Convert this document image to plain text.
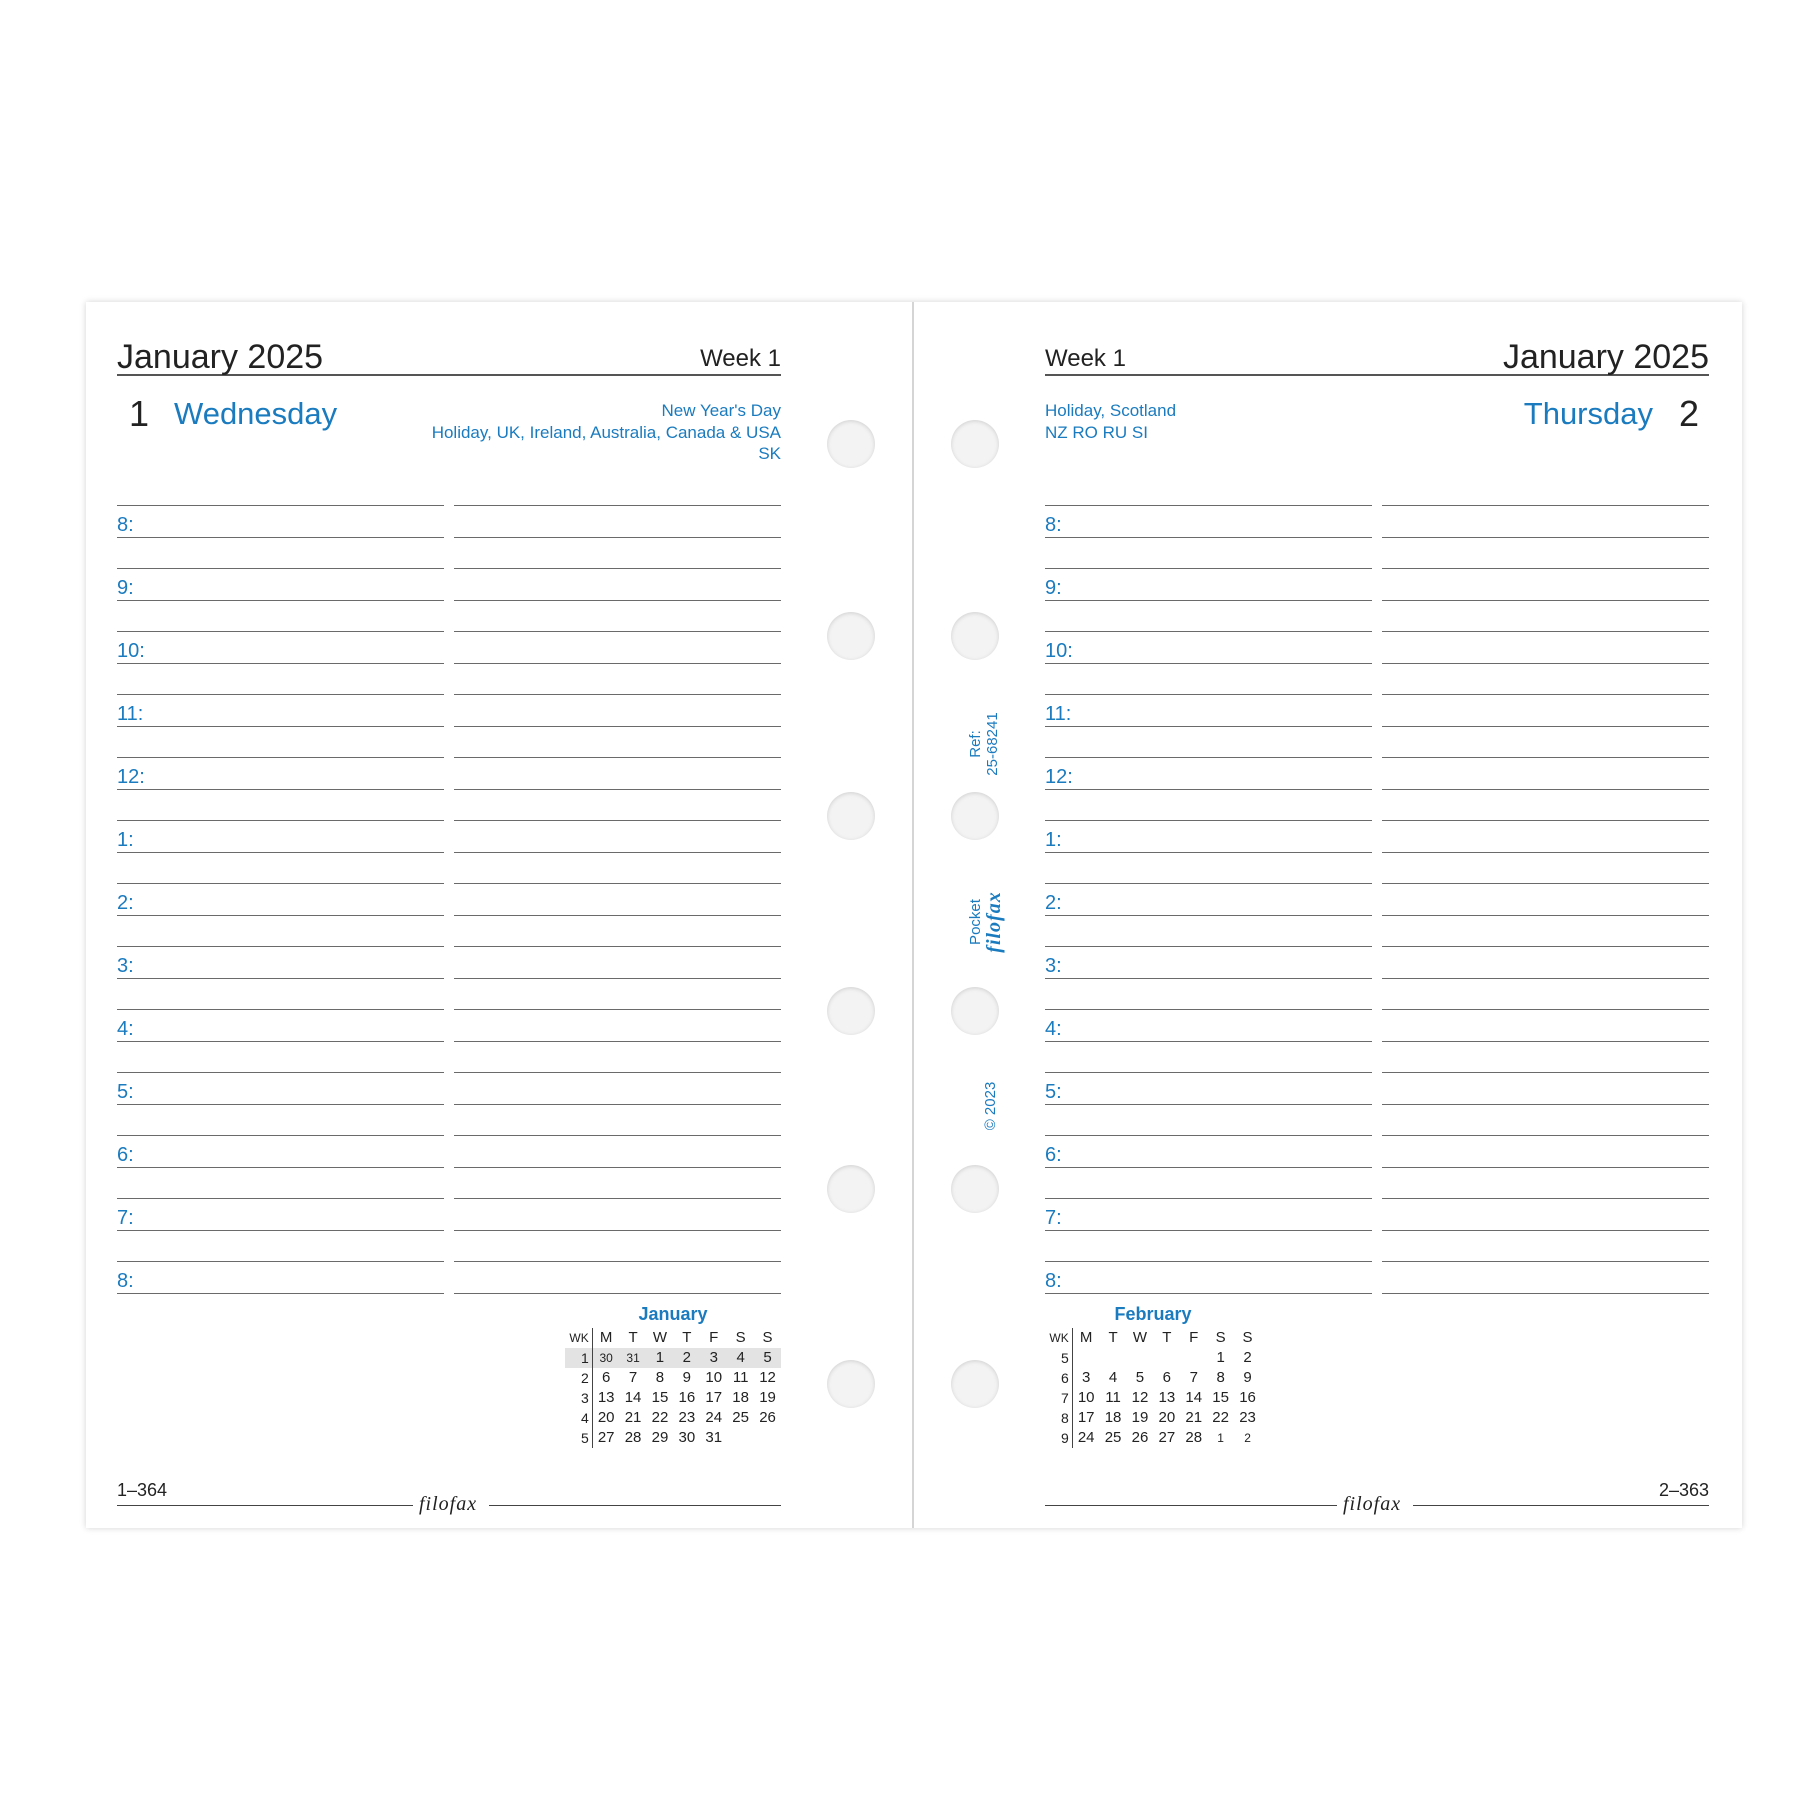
January 2025	Week 1
1 Wednesday	New Year's Day
Holiday, UK, Ireland, Australia, Canada & USA
SK
8:
9:
10:
11:
12:
1:
2:
3:
4:
5:
6:
7:
8:
January
WK	M	T	W	T	F	S	S
1	30	31	1	2	3	4	5
2	6	7	8	9	10	11	12
3	13	14	15	16	17	18	19
4	20	21	22	23	24	25	26
5	27	28	29	30	31		
1–364
filofax
Week 1	January 2025
Holiday, Scotland
NZ RO RU SI
Thursday 2
8:
9:
10:
11:
12:
1:
2:
3:
4:
5:
6:
7:
8:
February
WK	M	T	W	T	F	S	S
5						1	2
6	3	4	5	6	7	8	9
7	10	11	12	13	14	15	16
8	17	18	19	20	21	22	23
9	24	25	26	27	28	1	2
filofax
2–363
Ref:
25-68241
Pocket filofax
© 2023
